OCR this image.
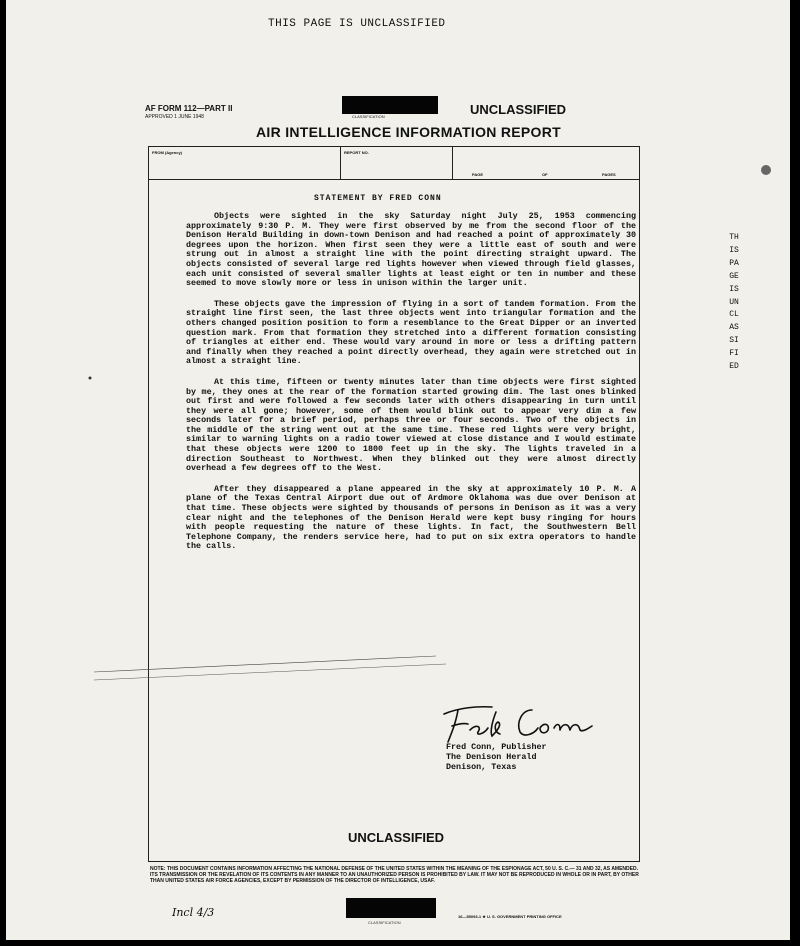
THIS PAGE IS UNCLASSIFIED
AF FORM 112—PART II
APPROVED 1 JUNE 1948	CLASSIFICATION	UNCLASSIFIED
AIR INTELLIGENCE INFORMATION REPORT
FROM (Agency)	REPORT NO.
PAGE	OF	PAGES
STATEMENT BY FRED CONN

Objects were sighted in the sky Saturday night July 25, 1953 commencing approximately 9:30 P. M. They were first observed by me from the second floor of the Denison Herald Building in down-town Denison and had reached a point of approximately 30 degrees upon the horizon. When first seen they were a little east of south and were strung out in almost a straight line with the point directing straight upward. The objects consisted of several large red lights however when viewed through field glasses, each unit consisted of several smaller lights at least eight or ten in number and these seemed to move slowly more or less in unison within the larger unit.

These objects gave the impression of flying in a sort of tandem formation. From the straight line first seen, the last three objects went into triangular formation and the others changed position position to form a resemblance to the Great Dipper or an inverted question mark. From that formation they stretched into a different formation consisting of triangles at either end. These would vary around in more or less a drifting pattern and finally when they reached a point directly overhead, they again were stretched out in almost a straight line.

At this time, fifteen or twenty minutes later than time objects were first sighted by me, they ones at the rear of the formation started growing dim. The last ones blinked out first and were followed a few seconds later with others disappearing in turn until they were all gone; however, some of them would blink out to appear very dim a few seconds later for a brief period, perhaps three or four seconds. Two of the objects in the middle of the string went out at the same time. These red lights were very bright, similar to warning lights on a radio tower viewed at close distance and I would estimate that these objects were 1200 to 1800 feet up in the sky. The lights traveled in a direction Southeast to Northwest. When they blinked out they were almost directly overhead a few degrees off to the West.

After they disappeared a plane appeared in the sky at approximately 10 P. M. A plane of the Texas Central Airport due out of Ardmore Oklahoma was due over Denison at that time. These objects were sighted by thousands of persons in Denison as it was a very clear night and the telephones of the Denison Herald were kept busy ringing for hours with people requesting the nature of these lights. In fact, the Southwestern Bell Telephone Company, the renders service here, had to put on six extra operators to handle the calls.

Fred Conn, Publisher
The Denison Herald
Denison, Texas
UNCLASSIFIED
NOTE: THIS DOCUMENT CONTAINS INFORMATION AFFECTING THE NATIONAL DEFENSE OF THE UNITED STATES WITHIN THE MEANING OF THE ESPIONAGE ACT, 50 U. S. C.— 31 AND 32, AS AMENDED. ITS TRANSMISSION OR THE REVELATION OF ITS CONTENTS IN ANY MANNER TO AN UNAUTHORIZED PERSON IS PROHIBITED BY LAW. IT MAY NOT BE REPRODUCED IN WHOLE OR IN PART, BY OTHER THAN UNITED STATES AIR FORCE AGENCIES, EXCEPT BY PERMISSION OF THE DIRECTOR OF INTELLIGENCE, USAF.
Incl 4/3
CLASSIFICATION
16—55093-1 ★ U. S. GOVERNMENT PRINTING OFFICE
THIS PAGE IS UNCLASSIFIED
